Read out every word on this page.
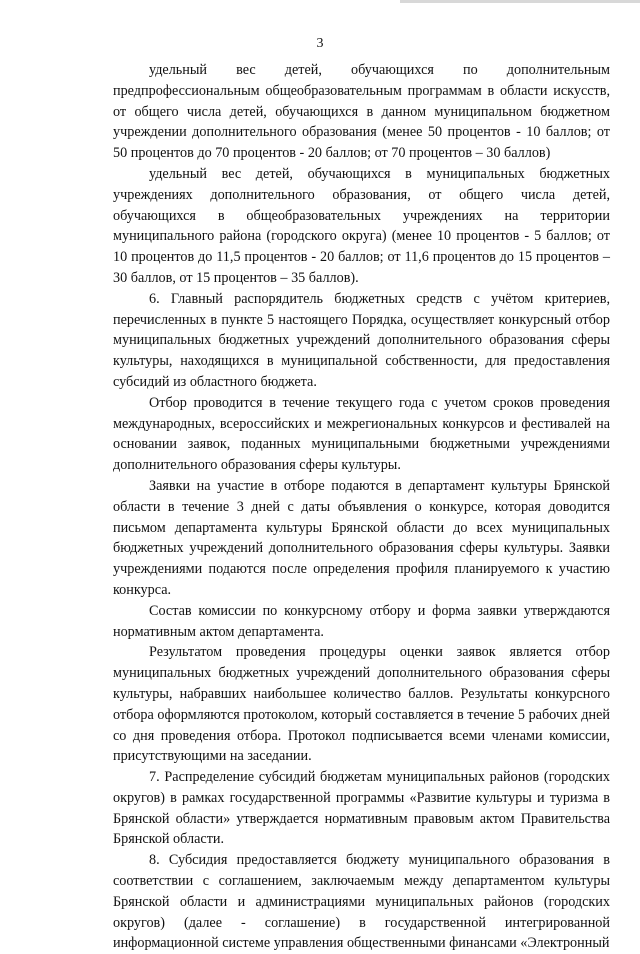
3

удельный вес детей, обучающихся по дополнительным предпрофессиональным общеобразовательным программам в области искусств, от общего числа детей, обучающихся в данном муниципальном бюджетном учреждении дополнительного образования (менее 50 процентов - 10 баллов; от 50 процентов до 70 процентов - 20 баллов; от 70 процентов – 30 баллов)

удельный вес детей, обучающихся в муниципальных бюджетных учреждениях дополнительного образования, от общего числа детей, обучающихся в общеобразовательных учреждениях на территории муниципального района (городского округа) (менее 10 процентов - 5 баллов; от 10 процентов до 11,5 процентов - 20 баллов; от 11,6 процентов до 15 процентов – 30 баллов, от 15 процентов – 35 баллов).

6. Главный распорядитель бюджетных средств с учётом критериев, перечисленных в пункте 5 настоящего Порядка, осуществляет конкурсный отбор муниципальных бюджетных учреждений дополнительного образования сферы культуры, находящихся в муниципальной собственности, для предоставления субсидий из областного бюджета.

Отбор проводится в течение текущего года с учетом сроков проведения международных, всероссийских и межрегиональных конкурсов и фестивалей на основании заявок, поданных муниципальными бюджетными учреждениями дополнительного образования сферы культуры.

Заявки на участие в отборе подаются в департамент культуры Брянской области в течение 3 дней с даты объявления о конкурсе, которая доводится письмом департамента культуры Брянской области до всех муниципальных бюджетных учреждений дополнительного образования сферы культуры. Заявки учреждениями подаются после определения профиля планируемого к участию конкурса.

Состав комиссии по конкурсному отбору и форма заявки утверждаются нормативным актом департамента.

Результатом проведения процедуры оценки заявок является отбор муниципальных бюджетных учреждений дополнительного образования сферы культуры, набравших наибольшее количество баллов. Результаты конкурсного отбора оформляются протоколом, который составляется в течение 5 рабочих дней со дня проведения отбора. Протокол подписывается всеми членами комиссии, присутствующими на заседании.

7. Распределение субсидий бюджетам муниципальных районов (городских округов) в рамках государственной программы «Развитие культуры и туризма в Брянской области» утверждается нормативным правовым актом Правительства Брянской области.

8. Субсидия предоставляется бюджету муниципального образования в соответствии с соглашением, заключаемым между департаментом культуры Брянской области и администрациями муниципальных районов (городских округов) (далее - соглашение) в государственной интегрированной информационной системе управления общественными финансами «Электронный
